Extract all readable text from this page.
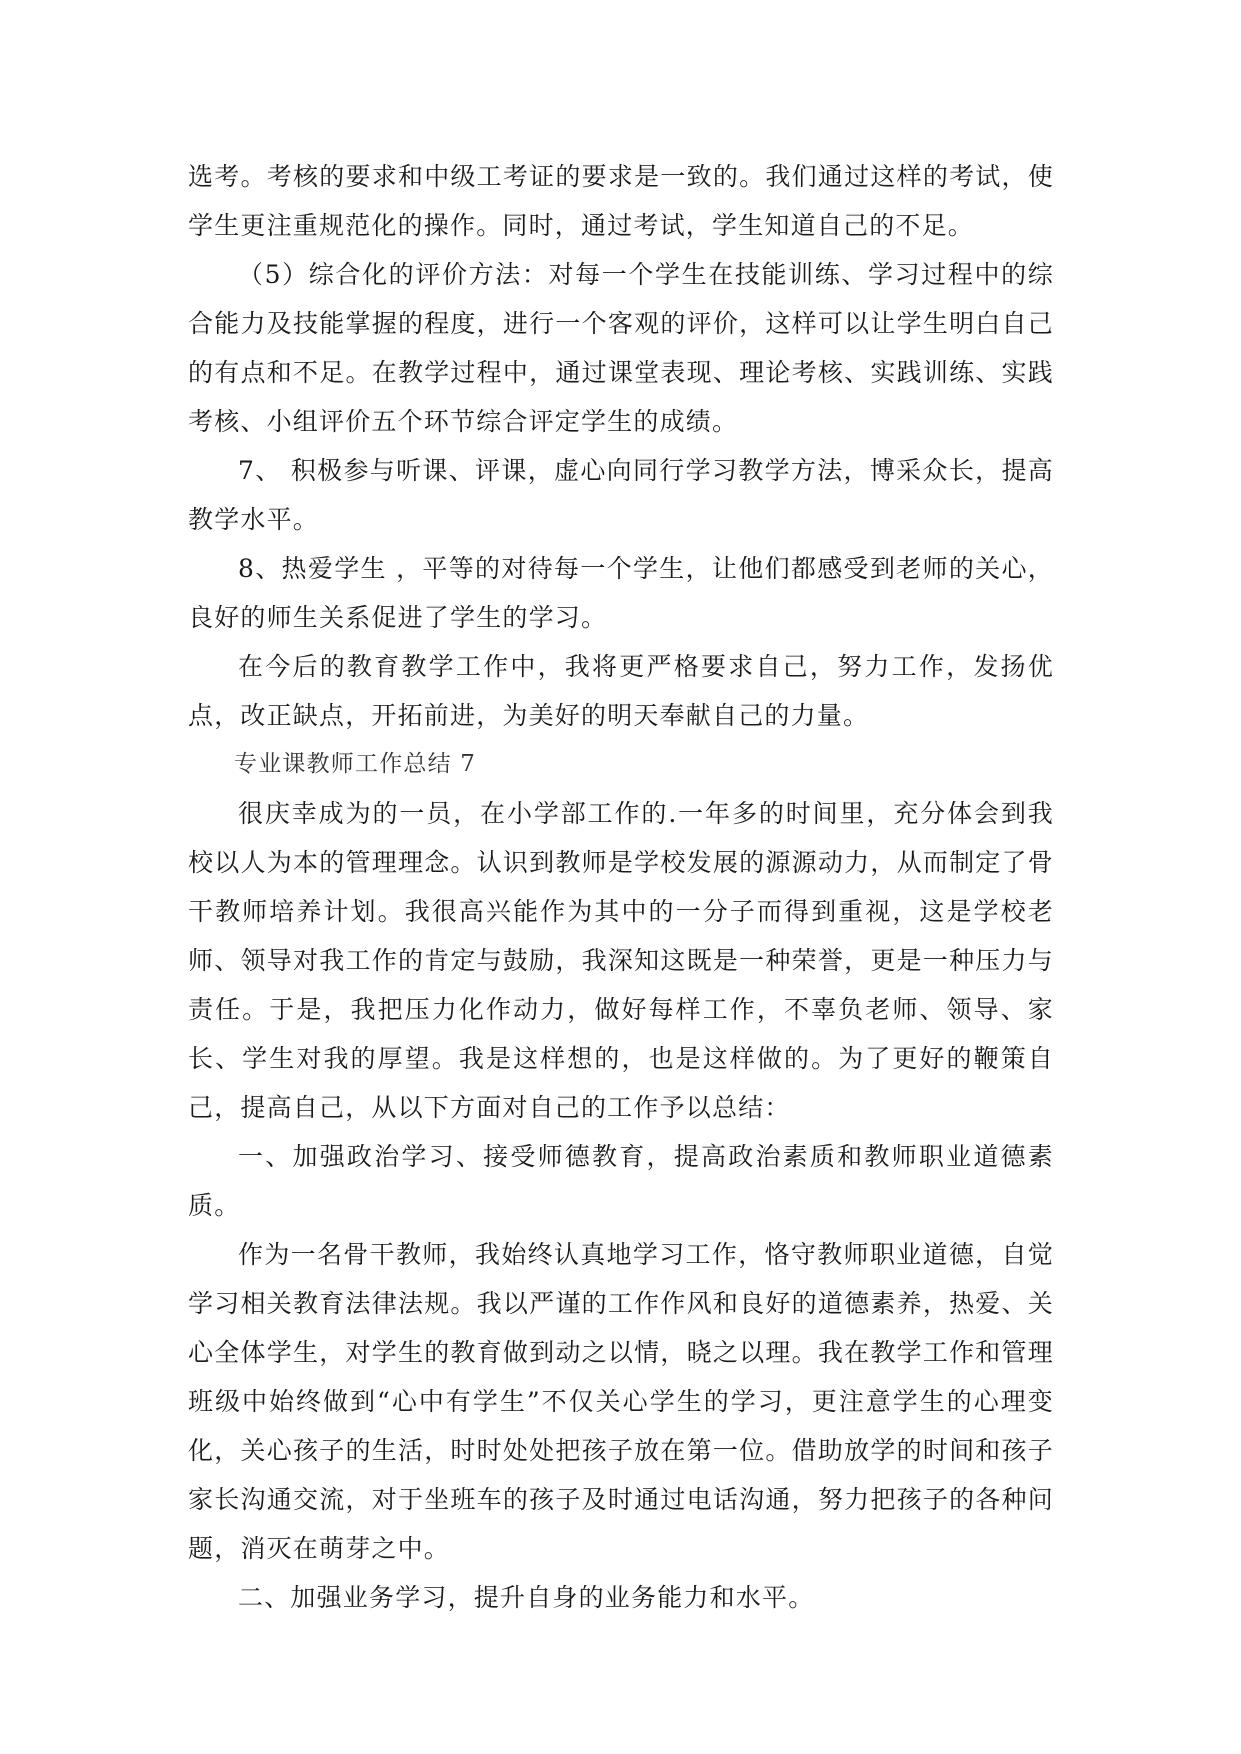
选考。考核的要求和中级工考证的要求是一致的。我们通过这样的考试，使学生更注重规范化的操作。同时，通过考试，学生知道自己的不足。

（5）综合化的评价方法：对每一个学生在技能训练、学习过程中的综合能力及技能掌握的程度，进行一个客观的评价，这样可以让学生明白自己的有点和不足。在教学过程中，通过课堂表现、理论考核、实践训练、实践考核、小组评价五个环节综合评定学生的成绩。

7、 积极参与听课、评课，虚心向同行学习教学方法，博采众长，提高教学水平。

8、热爱学生 ，平等的对待每一个学生，让他们都感受到老师的关心，良好的师生关系促进了学生的学习。

在今后的教育教学工作中，我将更严格要求自己，努力工作，发扬优点，改正缺点，开拓前进，为美好的明天奉献自己的力量。

专业课教师工作总结 7

很庆幸成为的一员，在小学部工作的.一年多的时间里，充分体会到我校以人为本的管理理念。认识到教师是学校发展的源源动力，从而制定了骨干教师培养计划。我很高兴能作为其中的一分子而得到重视，这是学校老师、领导对我工作的肯定与鼓励，我深知这既是一种荣誉，更是一种压力与责任。于是，我把压力化作动力，做好每样工作，不辜负老师、领导、家长、学生对我的厚望。我是这样想的，也是这样做的。为了更好的鞭策自己，提高自己，从以下方面对自己的工作予以总结：

一、加强政治学习、接受师德教育，提高政治素质和教师职业道德素质。

作为一名骨干教师，我始终认真地学习工作，恪守教师职业道德，自觉学习相关教育法律法规。我以严谨的工作作风和良好的道德素养，热爱、关心全体学生，对学生的教育做到动之以情，晓之以理。我在教学工作和管理班级中始终做到“心中有学生”不仅关心学生的学习，更注意学生的心理变化，关心孩子的生活，时时处处把孩子放在第一位。借助放学的时间和孩子家长沟通交流，对于坐班车的孩子及时通过电话沟通，努力把孩子的各种问题，消灭在萌芽之中。

二、加强业务学习，提升自身的业务能力和水平。
